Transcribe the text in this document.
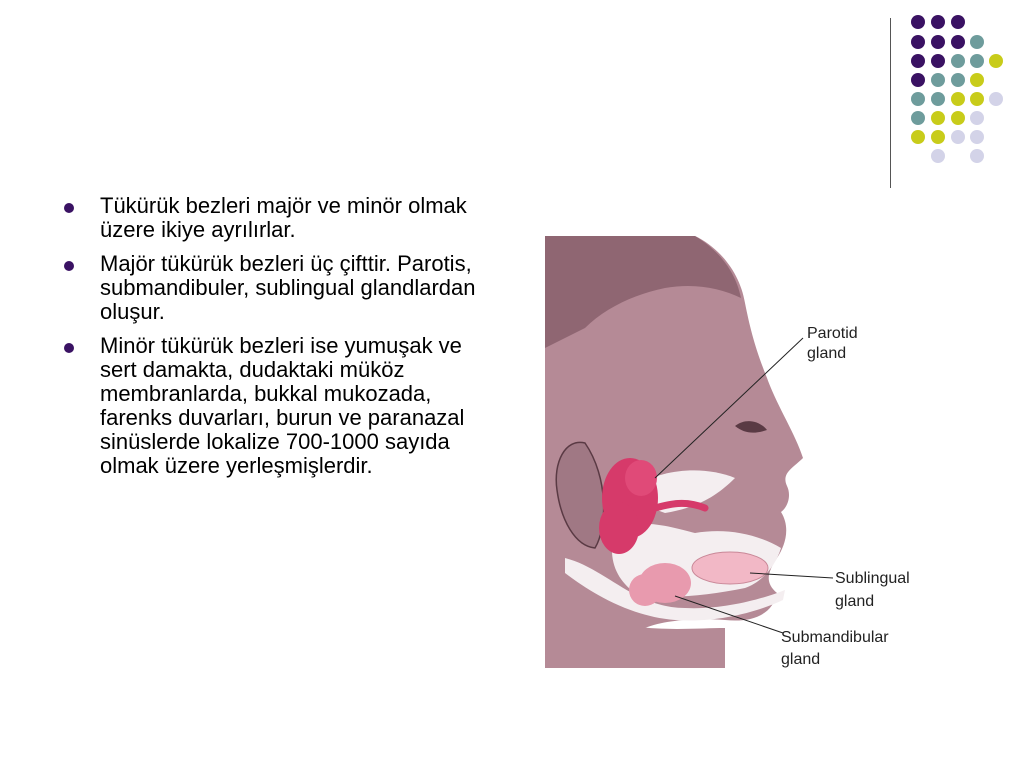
Tükürük bezleri majör ve minör olmak üzere ikiye ayrılırlar.
Majör tükürük bezleri üç çifttir. Parotis, submandibuler, sublingual glandlardan oluşur.
Minör tükürük bezleri ise yumuşak ve sert damakta, dudaktaki müköz membranlarda, bukkal mukozada, farenks duvarları, burun ve paranazal sinüslerde lokalize 700-1000 sayıda olmak üzere yerleşmişlerdir.
Parotid
gland
Sublingual
gland
Submandibular
gland
